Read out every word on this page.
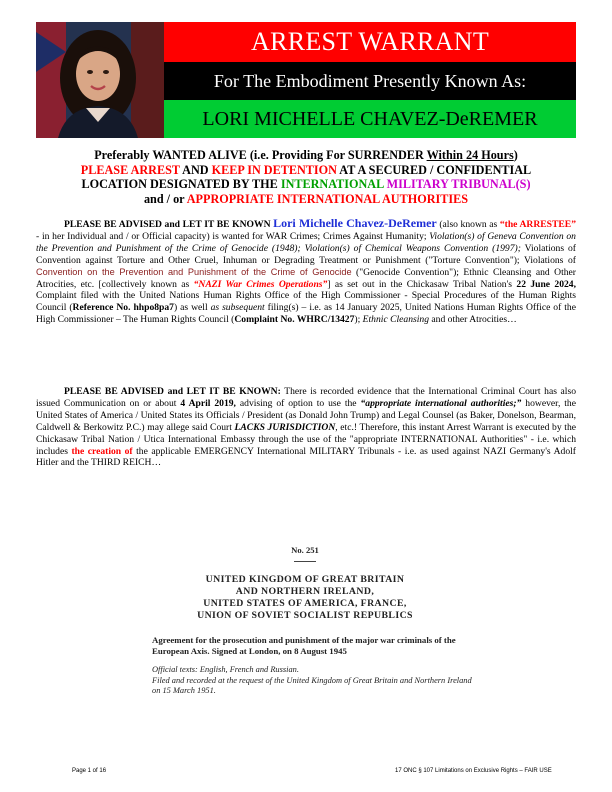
ARREST WARRANT
For The Embodiment Presently Known As:
LORI MICHELLE CHAVEZ-DeREMER
Preferably WANTED ALIVE (i.e. Providing For SURRENDER Within 24 Hours)
PLEASE ARREST AND KEEP IN DETENTION AT A SECURED / CONFIDENTIAL
LOCATION DESIGNATED BY THE INTERNATIONAL MILITARY TRIBUNAL(S)
and / or APPROPRIATE INTERNATIONAL AUTHORITIES
PLEASE BE ADVISED and LET IT BE KNOWN Lori Michelle Chavez-DeRemer (also known as “the ARRESTEE” - in her Individual and / or Official capacity) is wanted for WAR Crimes; Crimes Against Humanity; Violation(s) of Geneva Convention on the Prevention and Punishment of the Crime of Genocide (1948); Violation(s) of Chemical Weapons Convention (1997); Violations of Convention against Torture and Other Cruel, Inhuman or Degrading Treatment or Punishment ("Torture Convention"); Violations of Convention on the Prevention and Punishment of the Crime of Genocide ("Genocide Convention"); Ethnic Cleansing and Other Atrocities, etc. [collectively known as “NAZI War Crimes Operations”] as set out in the Chickasaw Tribal Nation's 22 June 2024, Complaint filed with the United Nations Human Rights Office of the High Commissioner - Special Procedures of the Human Rights Council (Reference No. hhpo8pa7) as well as subsequent filing(s) – i.e. as 14 January 2025, United Nations Human Rights Office of the High Commissioner – The Human Rights Council (Complaint No. WHRC/13427); Ethnic Cleansing and other Atrocities…
PLEASE BE ADVISED and LET IT BE KNOWN: There is recorded evidence that the International Criminal Court has also issued Communication on or about 4 April 2019, advising of option to use the “appropriate international authorities;” however, the United States of America / United States its Officials / President (as Donald John Trump) and Legal Counsel (as Baker, Donelson, Bearman, Caldwell & Berkowitz P.C.) may allege said Court LACKS JURISDICTION, etc.! Therefore, this instant Arrest Warrant is executed by the Chickasaw Tribal Nation / Utica International Embassy through the use of the "appropriate INTERNATIONAL Authorities" - i.e. which includes the creation of the applicable EMERGENCY International MILITARY Tribunals - i.e. as used against NAZI Germany's Adolf Hitler and the THIRD REICH…
No. 251
UNITED KINGDOM OF GREAT BRITAIN
AND NORTHERN IRELAND,
UNITED STATES OF AMERICA, FRANCE,
UNION OF SOVIET SOCIALIST REPUBLICS
Agreement for the prosecution and punishment of the major war criminals of the European Axis. Signed at London, on 8 August 1945
Official texts: English, French and Russian.
Filed and recorded at the request of the United Kingdom of Great Britain and Northern Ireland on 15 March 1951.
Page 1 of 16	17 ONC § 107 Limitations on Exclusive Rights – FAIR USE
